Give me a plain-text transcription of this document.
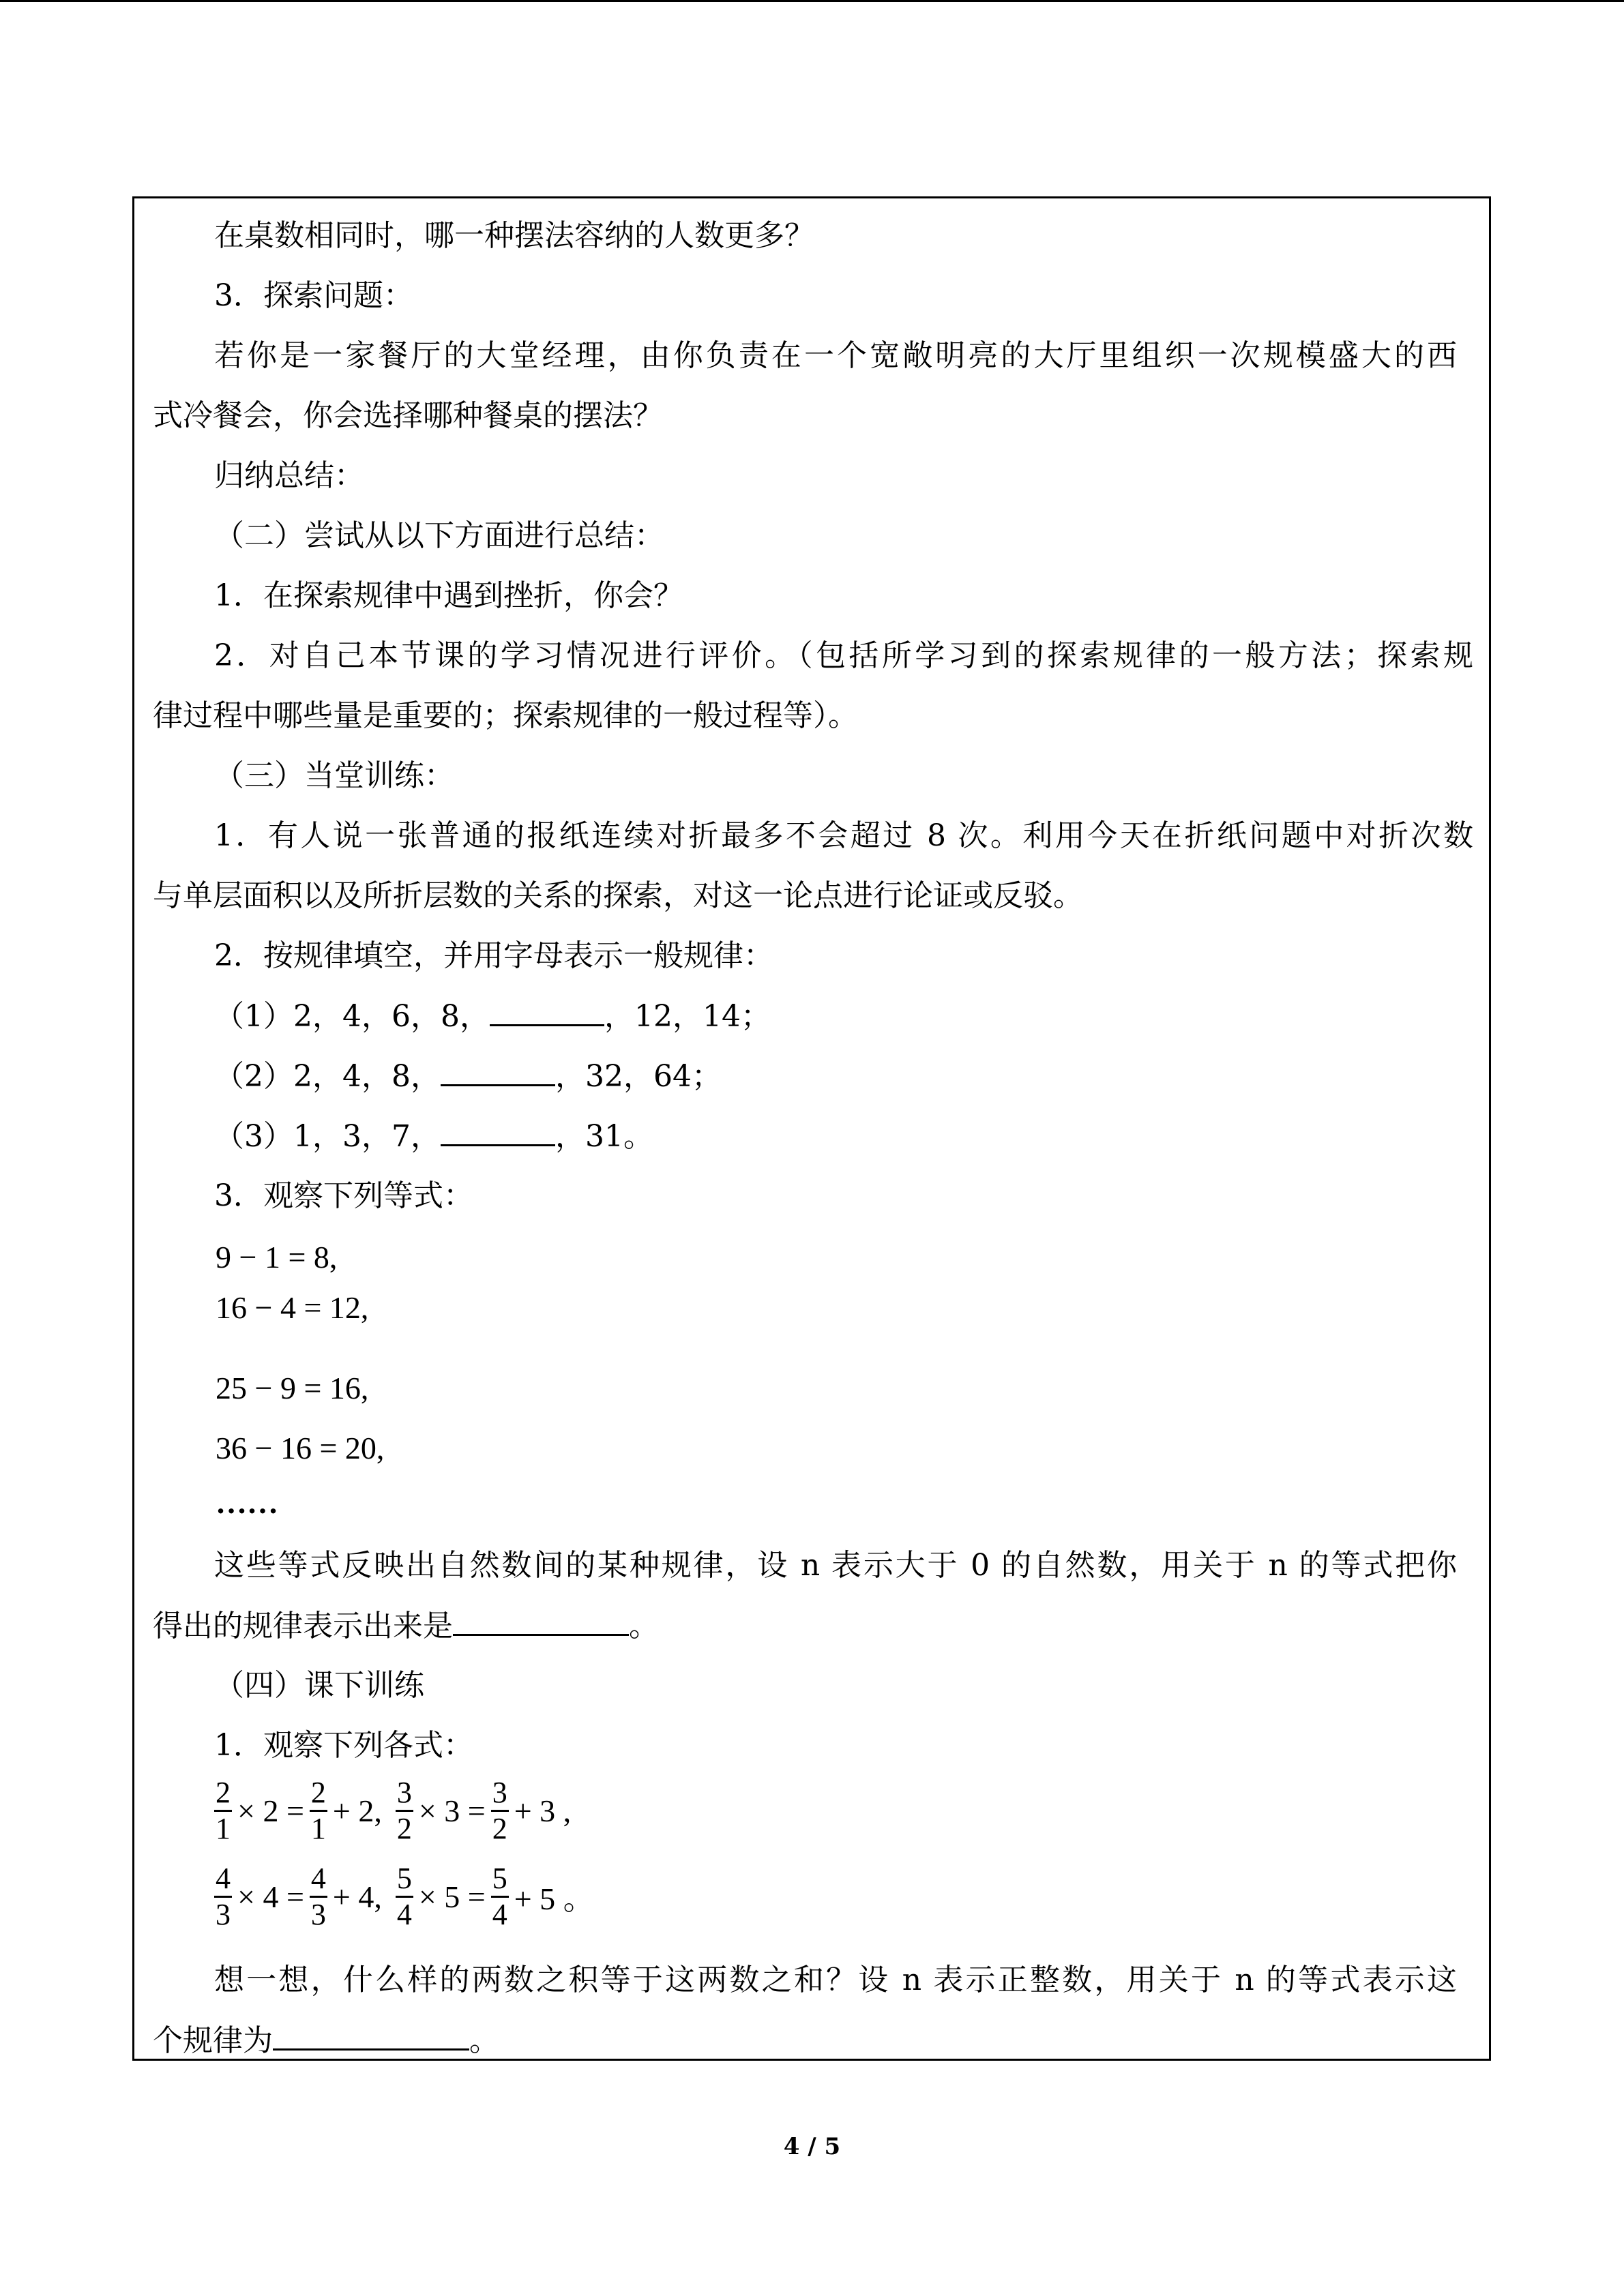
在桌数相同时，哪一种摆法容纳的人数更多？
3．探索问题：
若你是一家餐厅的大堂经理，由你负责在一个宽敞明亮的大厅里组织一次规模盛大的西
式冷餐会，你会选择哪种餐桌的摆法？
归纳总结：
（二）尝试从以下方面进行总结：
1．在探索规律中遇到挫折，你会？
2．对自己本节课的学习情况进行评价。（包括所学习到的探索规律的一般方法；探索规
律过程中哪些量是重要的；探索规律的一般过程等）。
（三）当堂训练：
1．有人说一张普通的报纸连续对折最多不会超过 8 次。利用今天在折纸问题中对折次数
与单层面积以及所折层数的关系的探索，对这一论点进行论证或反驳。
2．按规律填空，并用字母表示一般规律：
（1）2，4，6，8，	，12，14；
（2）2，4，8，	，32，64；
（3）1，3，7，	，31。
3．观察下列等式：
9 − 1 = 8,
16 − 4 = 12,
25 − 9 = 16,
36 − 16 = 20,
……
这些等式反映出自然数间的某种规律，设 n 表示大于 0 的自然数，用关于 n 的等式把你
得出的规律表示出来是	。
（四）课下训练
1．观察下列各式：
$\frac{2}{1} \times 2 = \frac{2}{1} + 2$, $\frac{3}{2} \times 3 = \frac{3}{2} + 3$ ,
$\frac{4}{3} \times 4 = \frac{4}{3} + 4$, $\frac{5}{4} \times 5 = \frac{5}{4} + 5$ 。
想一想，什么样的两数之积等于这两数之和？设 n 表示正整数，用关于 n 的等式表示这
个规律为	。
4 / 5
